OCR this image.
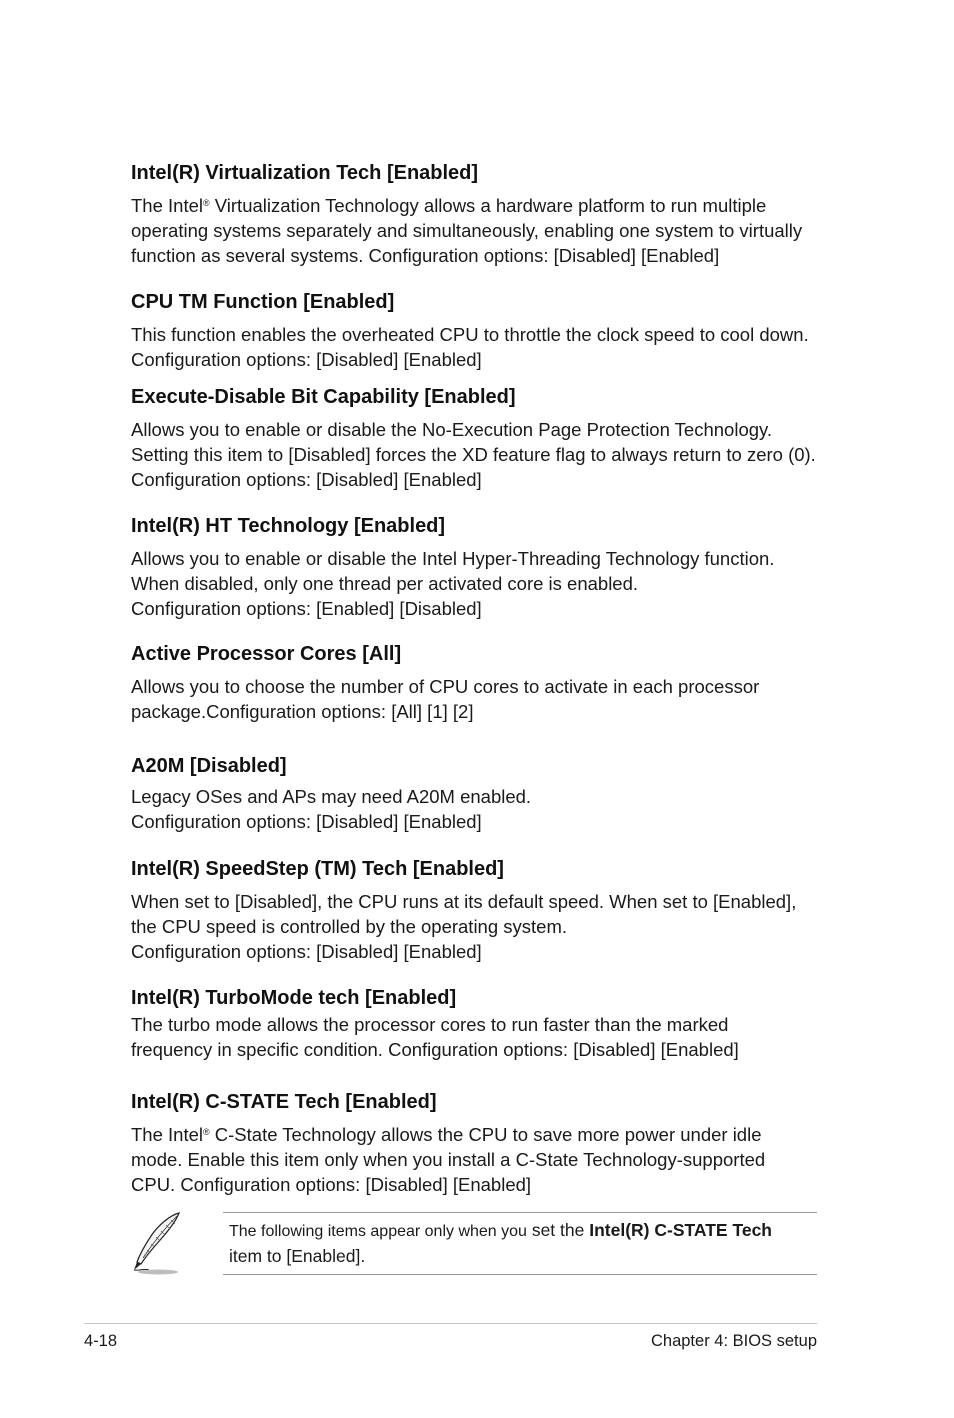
Intel(R) Virtualization Tech [Enabled]

The Intel® Virtualization Technology allows a hardware platform to run multiple
operating systems separately and simultaneously, enabling one system to virtually
function as several systems. Configuration options: [Disabled] [Enabled]

CPU TM Function [Enabled]

This function enables the overheated CPU to throttle the clock speed to cool down.
Configuration options: [Disabled] [Enabled]

Execute-Disable Bit Capability [Enabled]

Allows you to enable or disable the No-Execution Page Protection Technology.
Setting this item to [Disabled] forces the XD feature flag to always return to zero (0).
Configuration options: [Disabled] [Enabled]

Intel(R) HT Technology [Enabled]

Allows you to enable or disable the Intel Hyper-Threading Technology function.
When disabled, only one thread per activated core is enabled.
Configuration options: [Enabled] [Disabled]

Active Processor Cores [All]

Allows you to choose the number of CPU cores to activate in each processor
package.Configuration options: [All] [1] [2]

A20M [Disabled]

Legacy OSes and APs may need A20M enabled.
Configuration options: [Disabled] [Enabled]

Intel(R) SpeedStep (TM) Tech [Enabled]

When set to [Disabled], the CPU runs at its default speed. When set to [Enabled],
the CPU speed is controlled by the operating system.
Configuration options: [Disabled] [Enabled]

Intel(R) TurboMode tech [Enabled]

The turbo mode allows the processor cores to run faster than the marked
frequency in specific condition. Configuration options: [Disabled] [Enabled]

Intel(R) C-STATE Tech [Enabled]

The Intel® C-State Technology allows the CPU to save more power under idle
mode. Enable this item only when you install a C-State Technology-supported
CPU. Configuration options: [Disabled] [Enabled]

The following items appear only when you set the Intel(R) C-STATE Tech
item to [Enabled].
4-18	Chapter 4: BIOS setup
